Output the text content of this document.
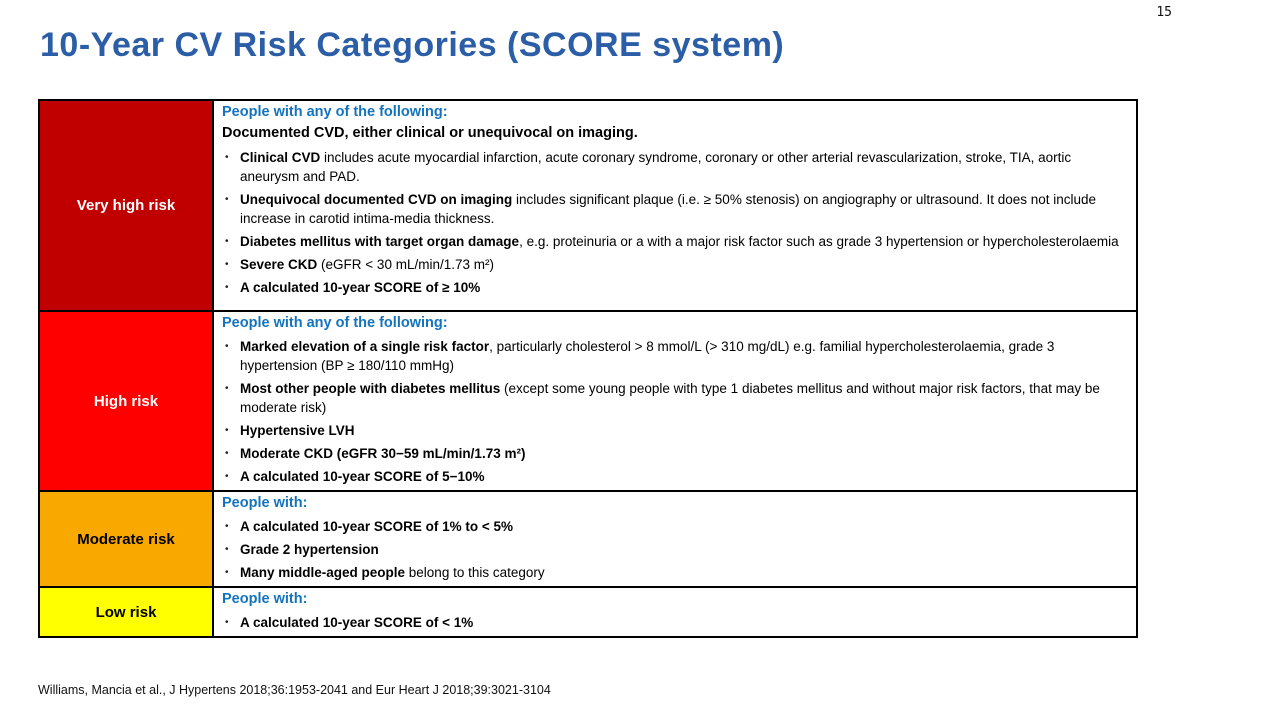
15
10-Year CV Risk Categories (SCORE system)
Very high risk
People with any of the following:
Documented CVD, either clinical or unequivocal on imaging.
• Clinical CVD includes acute myocardial infarction, acute coronary syndrome, coronary or other arterial revascularization, stroke, TIA, aortic aneurysm and PAD.
• Unequivocal documented CVD on imaging includes significant plaque (i.e. ≥ 50% stenosis) on angiography or ultrasound. It does not include increase in carotid intima-media thickness.
• Diabetes mellitus with target organ damage, e.g. proteinuria or a with a major risk factor such as grade 3 hypertension or hypercholesterolaemia
• Severe CKD (eGFR < 30 mL/min/1.73 m²)
• A calculated 10-year SCORE of ≥ 10%
High risk
People with any of the following:
• Marked elevation of a single risk factor, particularly cholesterol > 8 mmol/L (> 310 mg/dL) e.g. familial hypercholesterolaemia, grade 3 hypertension (BP ≥ 180/110 mmHg)
• Most other people with diabetes mellitus (except some young people with type 1 diabetes mellitus and without major risk factors, that may be moderate risk)
• Hypertensive LVH
• Moderate CKD (eGFR 30−59 mL/min/1.73 m²)
• A calculated 10-year SCORE of 5−10%
Moderate risk
People with:
• A calculated 10-year SCORE of 1% to < 5%
• Grade 2 hypertension
• Many middle-aged people belong to this category
Low risk
People with:
• A calculated 10-year SCORE of < 1%
Williams, Mancia et al., J Hypertens 2018;36:1953-2041 and Eur Heart J 2018;39:3021-3104
